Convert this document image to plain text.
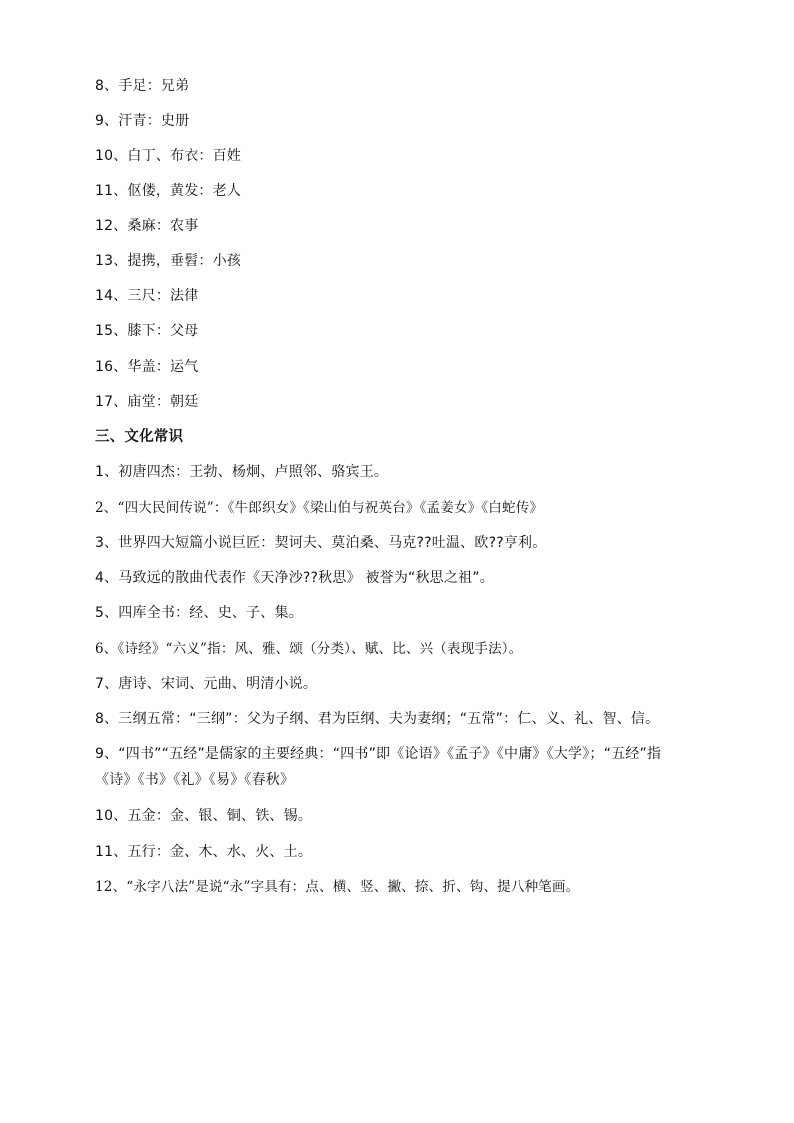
8、手足：兄弟
9、汗青：史册
10、白丁、布衣：百姓
11、伛偻，黄发：老人
12、桑麻：农事
13、提携，垂髫：小孩
14、三尺：法律
15、膝下：父母
16、华盖：运气
17、庙堂：朝廷
三、文化常识
1、初唐四杰：王勃、杨炯、卢照邻、骆宾王。
2、“四大民间传说”：《牛郎织女》《梁山伯与祝英台》《孟姜女》《白蛇传》
3、世界四大短篇小说巨匠：契诃夫、莫泊桑、马克??吐温、欧??亨利。
4、马致远的散曲代表作《天净沙??秋思》 被誉为“秋思之祖”。
5、四库全书：经、史、子、集。
6、《诗经》“六义”指：风、雅、颂（分类）、赋、比、兴（表现手法）。
7、唐诗、宋词、元曲、明清小说。
8、三纲五常：“三纲”：父为子纲、君为臣纲、夫为妻纲；“五常”：仁、义、礼、智、信。
9、“四书”“五经”是儒家的主要经典：“四书”即《论语》《孟子》《中庸》《大学》；“五经”指
《诗》《书》《礼》《易》《春秋》
10、五金：金、银、铜、铁、锡。
11、五行：金、木、水、火、土。
12、“永字八法”是说“永”字具有：点、横、竖、撇、捺、折、钩、提八种笔画。
